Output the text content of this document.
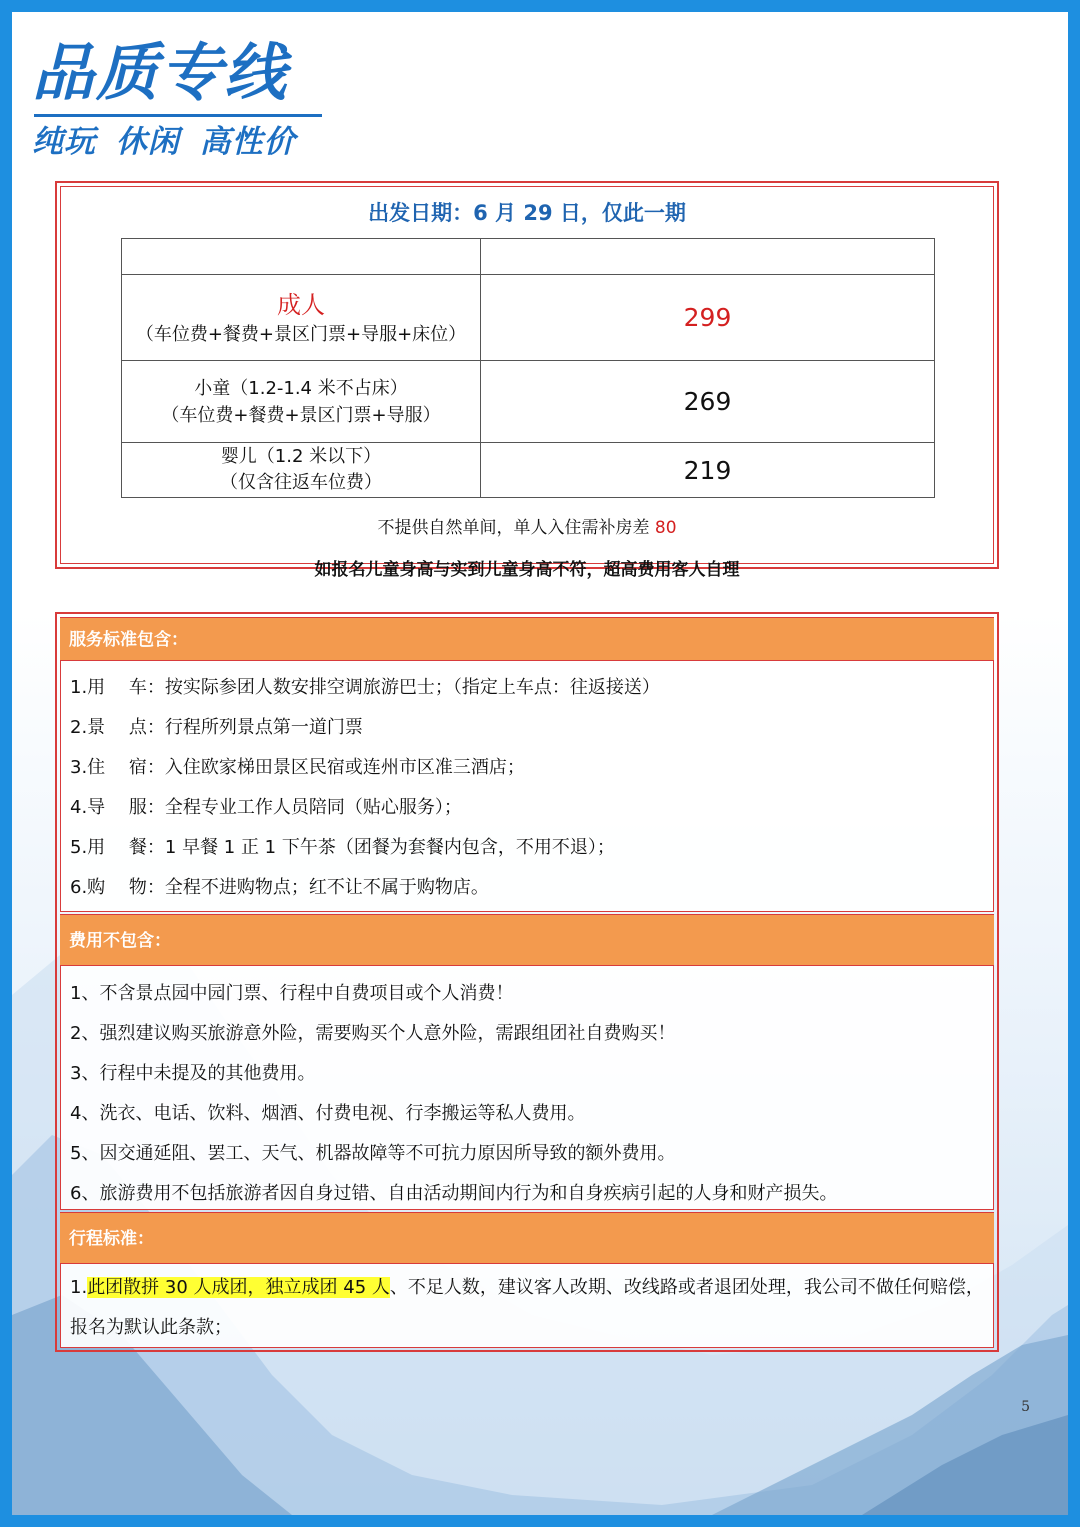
品质专线
纯玩 休闲 高性价
出发日期：6 月 29 日，仅此一期

成人
（车位费+餐费+景区门票+导服+床位）	299

小童（1.2-1.4 米不占床）
（车位费+餐费+景区门票+导服）	269

婴儿（1.2 米以下）
（仅含往返车位费）	219
不提供自然单间，单人入住需补房差 80
如报名儿童身高与实到儿童身高不符，超高费用客人自理
服务标准包含：
1.用　 车：按实际参团人数安排空调旅游巴士；（指定上车点：往返接送）
2.景　 点：行程所列景点第一道门票
3.住　 宿：入住欧家梯田景区民宿或连州市区准三酒店；
4.导　 服：全程专业工作人员陪同（贴心服务）；
5.用　 餐：1 早餐 1 正 1 下午茶（团餐为套餐内包含，不用不退）；
6.购　 物：全程不进购物点；红不让不属于购物店。
费用不包含：
1、不含景点园中园门票、行程中自费项目或个人消费！
2、强烈建议购买旅游意外险，需要购买个人意外险，需跟组团社自费购买！
3、行程中未提及的其他费用。
4、洗衣、电话、饮料、烟酒、付费电视、行李搬运等私人费用。
5、因交通延阻、罢工、天气、机器故障等不可抗力原因所导致的额外费用。
6、旅游费用不包括旅游者因自身过错、自由活动期间内行为和自身疾病引起的人身和财产损失。
行程标准：
1.此团散拼 30 人成团，独立成团 45 人、不足人数，建议客人改期、改线路或者退团处理，我公司不做任何赔偿，报名为默认此条款；
5
